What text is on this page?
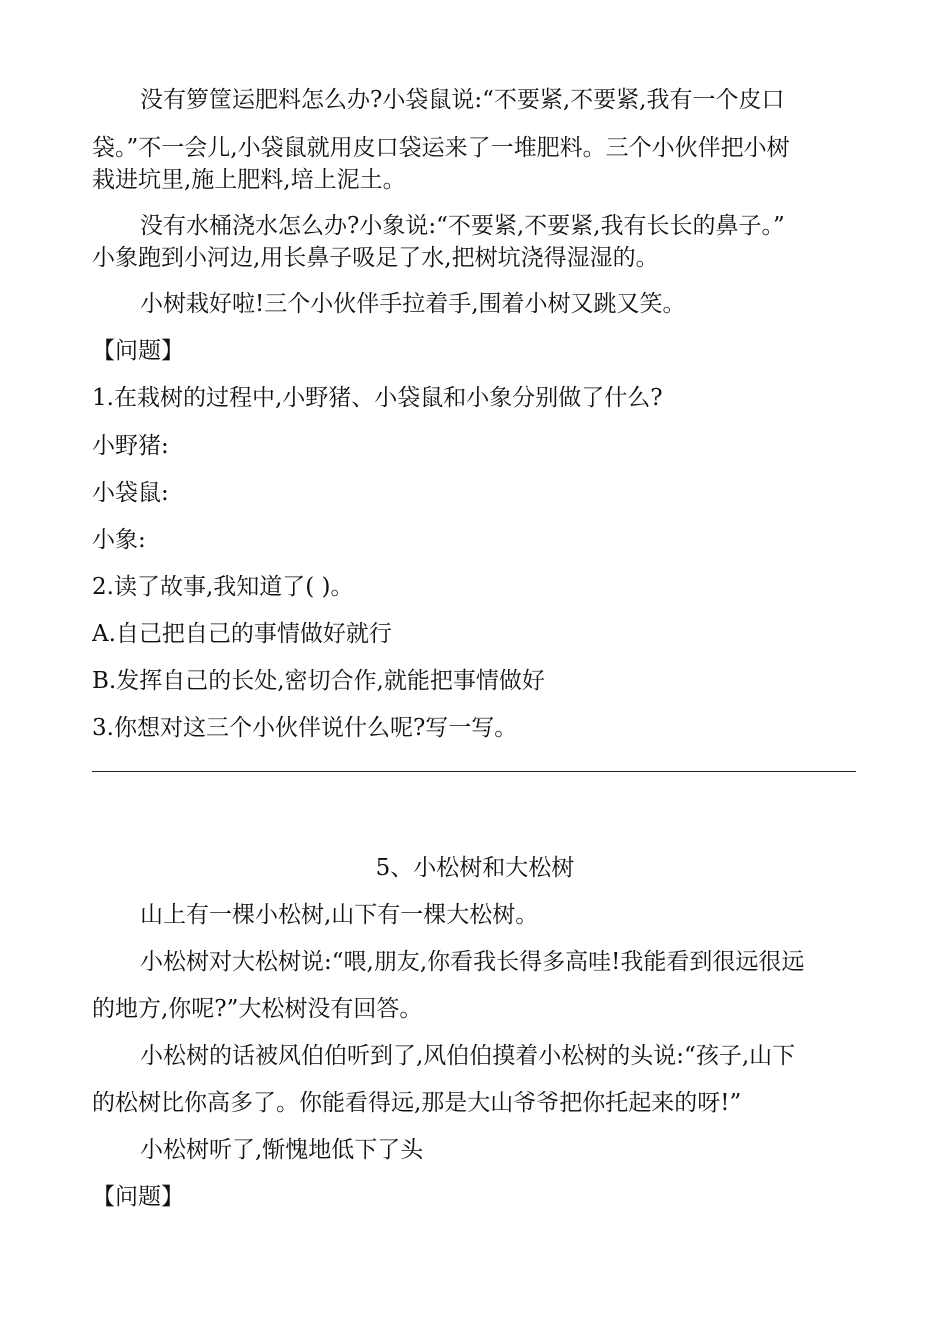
没有箩筐运肥料怎么办?小袋鼠说:“不要紧,不要紧,我有一个皮口
袋。”不一会儿,小袋鼠就用皮口袋运来了一堆肥料。三个小伙伴把小树
栽进坑里,施上肥料,培上泥土。
没有水桶浇水怎么办?小象说:“不要紧,不要紧,我有长长的鼻子。”
小象跑到小河边,用长鼻子吸足了水,把树坑浇得湿湿的。
小树栽好啦!三个小伙伴手拉着手,围着小树又跳又笑。
【问题】
1.在栽树的过程中,小野猪、小袋鼠和小象分别做了什么?
小野猪:
小袋鼠:
小象:
2.读了故事,我知道了( )。
A.自己把自己的事情做好就行
B.发挥自己的长处,密切合作,就能把事情做好
3.你想对这三个小伙伴说什么呢?写一写。
5、小松树和大松树
山上有一棵小松树,山下有一棵大松树。
小松树对大松树说:“喂,朋友,你看我长得多高哇!我能看到很远很远
的地方,你呢?”大松树没有回答。
小松树的话被风伯伯听到了,风伯伯摸着小松树的头说:“孩子,山下
的松树比你高多了。你能看得远,那是大山爷爷把你托起来的呀!”
小松树听了,惭愧地低下了头
【问题】
